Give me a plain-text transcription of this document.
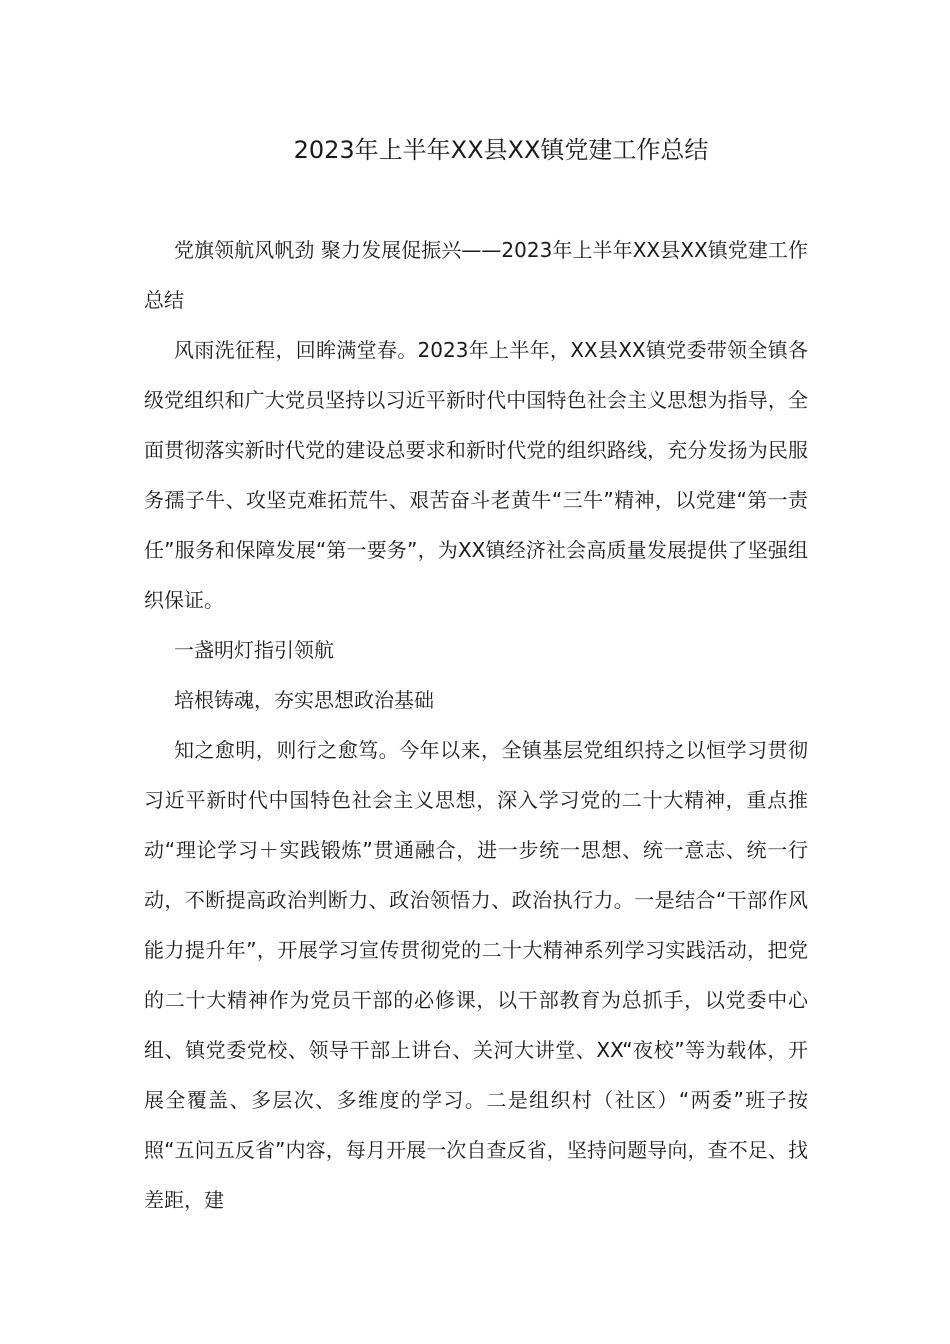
2023年上半年XX县XX镇党建工作总结

党旗领航风帆劲 聚力发展促振兴——2023年上半年XX县XX镇党建工作总结

风雨洗征程，回眸满堂春。2023年上半年，XX县XX镇党委带领全镇各级党组织和广大党员坚持以习近平新时代中国特色社会主义思想为指导，全面贯彻落实新时代党的建设总要求和新时代党的组织路线，充分发扬为民服务孺子牛、攻坚克难拓荒牛、艰苦奋斗老黄牛“三牛”精神，以党建“第一责任”服务和保障发展“第一要务”，为XX镇经济社会高质量发展提供了坚强组织保证。

一盏明灯指引领航

培根铸魂，夯实思想政治基础

知之愈明，则行之愈笃。今年以来，全镇基层党组织持之以恒学习贯彻习近平新时代中国特色社会主义思想，深入学习党的二十大精神，重点推动“理论学习＋实践锻炼”贯通融合，进一步统一思想、统一意志、统一行动，不断提高政治判断力、政治领悟力、政治执行力。一是结合“干部作风能力提升年”，开展学习宣传贯彻党的二十大精神系列学习实践活动，把党的二十大精神作为党员干部的必修课，以干部教育为总抓手，以党委中心组、镇党委党校、领导干部上讲台、关河大讲堂、XX“夜校”等为载体，开展全覆盖、多层次、多维度的学习。二是组织村（社区）“两委”班子按照“五问五反省”内容，每月开展一次自查反省，坚持问题导向，查不足、找差距，建
